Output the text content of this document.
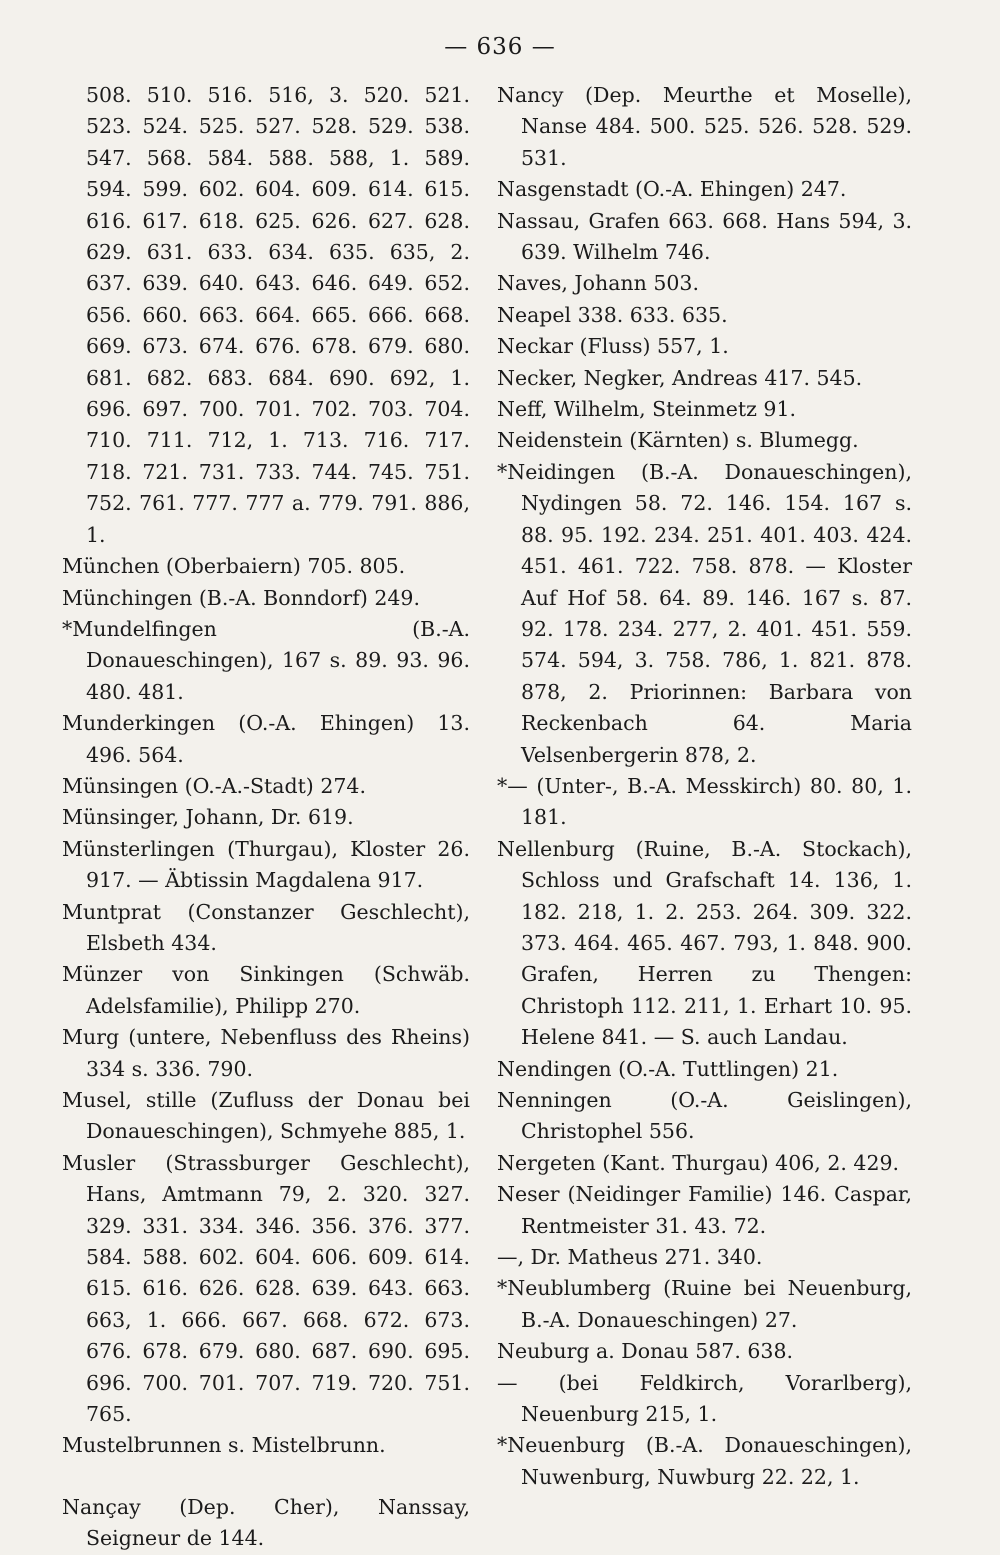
— 636 —

508. 510. 516. 516, 3. 520. 521. 523. 524. 525. 527. 528. 529. 538. 547. 568. 584. 588. 588, 1. 589. 594. 599. 602. 604. 609. 614. 615. 616. 617. 618. 625. 626. 627. 628. 629. 631. 633. 634. 635. 635, 2. 637. 639. 640. 643. 646. 649. 652. 656. 660. 663. 664. 665. 666. 668. 669. 673. 674. 676. 678. 679. 680. 681. 682. 683. 684. 690. 692, 1. 696. 697. 700. 701. 702. 703. 704. 710. 711. 712, 1. 713. 716. 717. 718. 721. 731. 733. 744. 745. 751. 752. 761. 777. 777 a. 779. 791. 886, 1.

München (Oberbaiern) 705. 805.

Münchingen (B.-A. Bonndorf) 249.

*Mundelfingen (B.-A. Donaueschingen), 167 s. 89. 93. 96. 480. 481.

Munderkingen (O.-A. Ehingen) 13. 496. 564.

Münsingen (O.-A.-Stadt) 274.

Münsinger, Johann, Dr. 619.

Münsterlingen (Thurgau), Kloster 26. 917. — Äbtissin Magdalena 917.

Muntprat (Constanzer Geschlecht), Elsbeth 434.

Münzer von Sinkingen (Schwäb. Adelsfamilie), Philipp 270.

Murg (untere, Nebenfluss des Rheins) 334 s. 336. 790.

Musel, stille (Zufluss der Donau bei Donaueschingen), Schmyehe 885, 1.

Musler (Strassburger Geschlecht), Hans, Amtmann 79, 2. 320. 327. 329. 331. 334. 346. 356. 376. 377. 584. 588. 602. 604. 606. 609. 614. 615. 616. 626. 628. 639. 643. 663. 663, 1. 666. 667. 668. 672. 673. 676. 678. 679. 680. 687. 690. 695. 696. 700. 701. 707. 719. 720. 751. 765.

Mustelbrunnen s. Mistelbrunn.

Nançay (Dep. Cher), Nanssay, Seigneur de 144.

Nancy (Dep. Meurthe et Moselle), Nanse 484. 500. 525. 526. 528. 529. 531.

Nasgenstadt (O.-A. Ehingen) 247.

Nassau, Grafen 663. 668. Hans 594, 3. 639. Wilhelm 746.

Naves, Johann 503.

Neapel 338. 633. 635.

Neckar (Fluss) 557, 1.

Necker, Negker, Andreas 417. 545.

Neff, Wilhelm, Steinmetz 91.

Neidenstein (Kärnten) s. Blumegg.

*Neidingen (B.-A. Donaueschingen), Nydingen 58. 72. 146. 154. 167 s. 88. 95. 192. 234. 251. 401. 403. 424. 451. 461. 722. 758. 878. — Kloster Auf Hof 58. 64. 89. 146. 167 s. 87. 92. 178. 234. 277, 2. 401. 451. 559. 574. 594, 3. 758. 786, 1. 821. 878. 878, 2. Priorinnen: Barbara von Reckenbach 64. Maria Velsenbergerin 878, 2.

*— (Unter-, B.-A. Messkirch) 80. 80, 1. 181.

Nellenburg (Ruine, B.-A. Stockach), Schloss und Grafschaft 14. 136, 1. 182. 218, 1. 2. 253. 264. 309. 322. 373. 464. 465. 467. 793, 1. 848. 900. Grafen, Herren zu Thengen: Christoph 112. 211, 1. Erhart 10. 95. Helene 841. — S. auch Landau.

Nendingen (O.-A. Tuttlingen) 21.

Nenningen (O.-A. Geislingen), Christophel 556.

Nergeten (Kant. Thurgau) 406, 2. 429.

Neser (Neidinger Familie) 146. Caspar, Rentmeister 31. 43. 72.

—, Dr. Matheus 271. 340.

*Neublumberg (Ruine bei Neuenburg, B.-A. Donaueschingen) 27.

Neuburg a. Donau 587. 638.

— (bei Feldkirch, Vorarlberg), Neuenburg 215, 1.

*Neuenburg (B.-A. Donaueschingen), Nuwenburg, Nuwburg 22. 22, 1.
